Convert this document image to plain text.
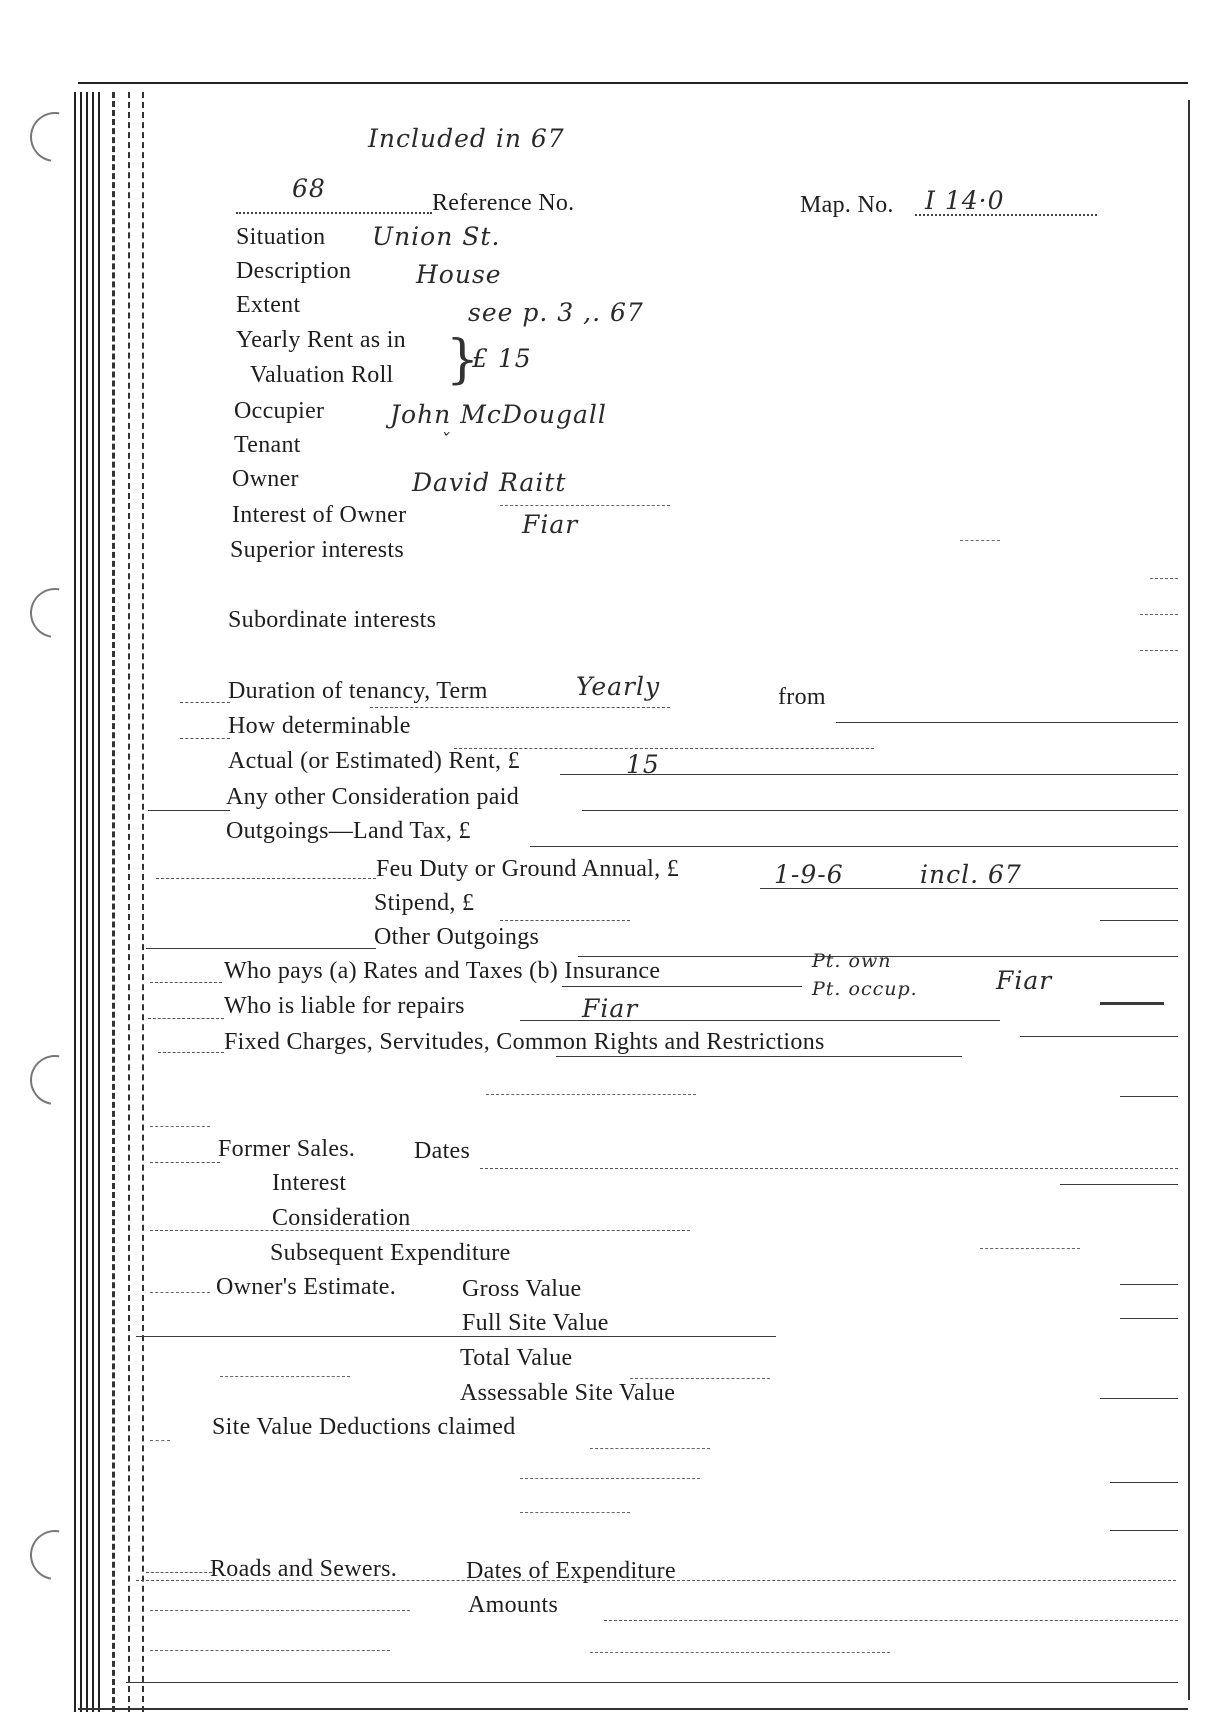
Included in 67
68	Reference No.	Map. No. I 14·0
Situation Union St.
Description	House
Extent	see p. 3 ,. 67
Yearly Rent as in
Valuation Roll }
£ 15
Occupier	John McDougall
Tenant	ˇ
Owner	David Raitt
Interest of Owner	Fiar
Superior interests
Subordinate interests
Duration of tenancy, Term	Yearly	from
How determinable
Actual (or Estimated) Rent, £	15
Any other Consideration paid
Outgoings—Land Tax, £
Feu Duty or Ground Annual, £	1-9-6	incl. 67
Stipend, £
Other Outgoings
Who pays (a) Rates and Taxes (b) Insurance	Pt. own
Pt. occup.	Fiar
Who is liable for repairs	Fiar
Fixed Charges, Servitudes, Common Rights and Restrictions
Former Sales. Dates
Interest
Consideration
Subsequent Expenditure
Owner's Estimate.	Gross Value
Full Site Value
Total Value
Assessable Site Value
Site Value Deductions claimed
Roads and Sewers.	Dates of Expenditure
Amounts
